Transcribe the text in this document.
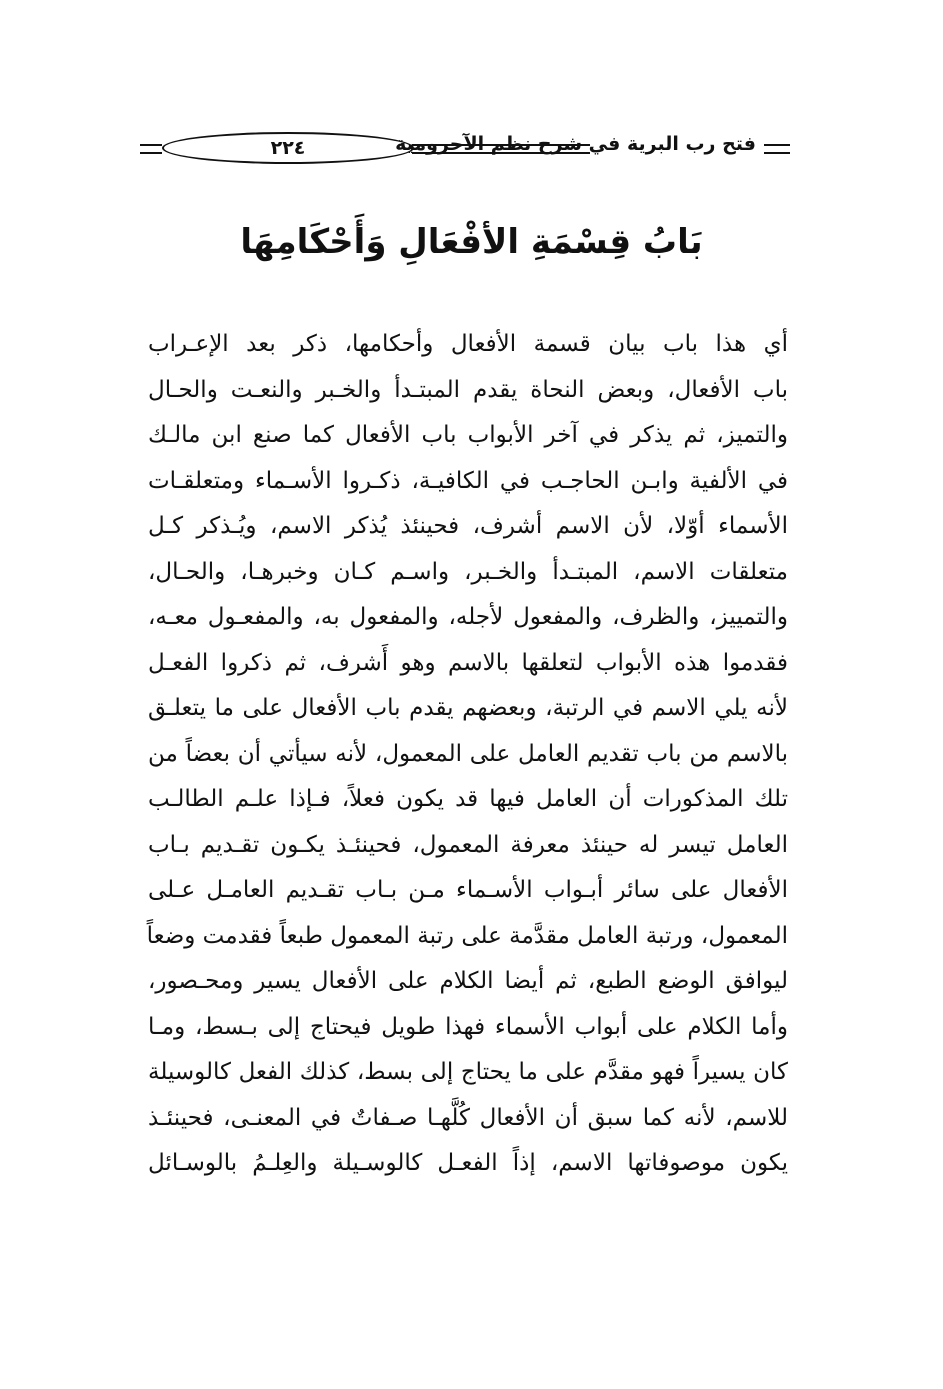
فتح رب البرية في شرح نظم الآجرومية
٢٢٤
بَابُ قِسْمَةِ الأفْعَالِ وَأَحْكَامِهَا
أي هذا باب بيان قسمة الأفعال وأحكامها، ذكر بعد الإعـراب
باب الأفعال، وبعض النحاة يقدم المبتـدأ والخـبر والنعـت والحـال
والتميز، ثم يذكر في آخر الأبواب باب الأفعال كما صنع ابن مالـك
في الألفية وابـن الحاجـب في الكافيـة، ذكـروا الأسـماء ومتعلقـات
الأسماء أوّلا، لأن الاسم أشرف، فحينئذ يُذكر الاسم، ويُـذكر كـل
متعلقات الاسم، المبتـدأ والخـبر، واسـم كـان وخبرهـا، والحـال،
والتمييز، والظرف، والمفعول لأجله، والمفعول به، والمفعـول معـه،
فقدموا هذه الأبواب لتعلقها بالاسم وهو أَشرف، ثم ذكروا الفعـل
لأنه يلي الاسم في الرتبة، وبعضهم يقدم باب الأفعال على ما يتعلـق
بالاسم من باب تقديم العامل على المعمول، لأنه سيأتي أن بعضاً من
تلك المذكورات أن العامل فيها قد يكون فعلاً، فـإذا علـم الطالـب
العامل تيسر له حينئذ معرفة المعمول، فحينئـذ يكـون تقـديم بـاب
الأفعال على سائر أبـواب الأسـماء مـن بـاب تقـديم العامـل عـلى
المعمول، ورتبة العامل مقدَّمة على رتبة المعمول طبعاً فقدمت وضعاً
ليوافق الوضع الطبع، ثم أيضا الكلام على الأفعال يسير ومحـصور،
وأما الكلام على أبواب الأسماء فهذا طويل فيحتاج إلى بـسط، ومـا
كان يسيراً فهو مقدَّم على ما يحتاج إلى بسط، كذلك الفعل كالوسيلة
للاسم، لأنه كما سبق أن الأفعال كُلَّهـا صـفاتٌ في المعنـى، فحينئـذ
يكون موصوفاتها الاسم، إذاً الفعـل كالوسـيلة والعِلـمُ بالوسـائل
